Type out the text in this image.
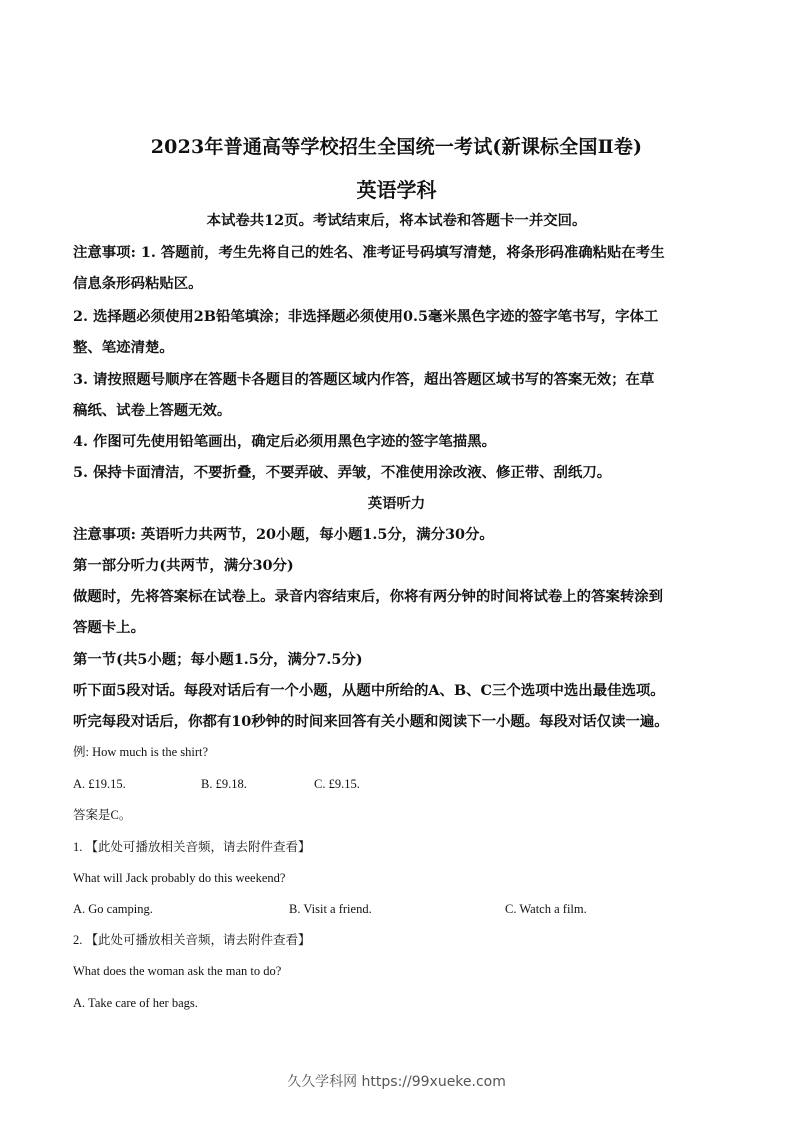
2023年普通高等学校招生全国统一考试(新课标全国Ⅱ卷)
英语学科
本试卷共12页。考试结束后，将本试卷和答题卡一并交回。
注意事项: 1. 答题前，考生先将自己的姓名、准考证号码填写清楚，将条形码准确粘贴在考生
信息条形码粘贴区。
2. 选择题必须使用2B铅笔填涂；非选择题必须使用0.5毫米黑色字迹的签字笔书写，字体工
整、笔迹清楚。
3. 请按照题号顺序在答题卡各题目的答题区域内作答，超出答题区域书写的答案无效；在草
稿纸、试卷上答题无效。
4. 作图可先使用铅笔画出，确定后必须用黑色字迹的签字笔描黑。
5. 保持卡面清洁，不要折叠，不要弄破、弄皱，不准使用涂改液、修正带、刮纸刀。
英语听力
注意事项: 英语听力共两节，20小题，每小题1.5分，满分30分。
第一部分听力(共两节，满分30分)
做题时，先将答案标在试卷上。录音内容结束后，你将有两分钟的时间将试卷上的答案转涂到
答题卡上。
第一节(共5小题；每小题1.5分，满分7.5分)
听下面5段对话。每段对话后有一个小题，从题中所给的A、B、C三个选项中选出最佳选项。
听完每段对话后，你都有10秒钟的时间来回答有关小题和阅读下一小题。每段对话仅读一遍。
例: How much is the shirt?
A. £19.15.	B. £9.18.	C. £9.15.
答案是C。
1. 【此处可播放相关音频，请去附件查看】
What will Jack probably do this weekend?
A. Go camping.	B. Visit a friend.	C. Watch a film.
2. 【此处可播放相关音频，请去附件查看】
What does the woman ask the man to do?
A. Take care of her bags.
久久学科网 https://99xueke.com
